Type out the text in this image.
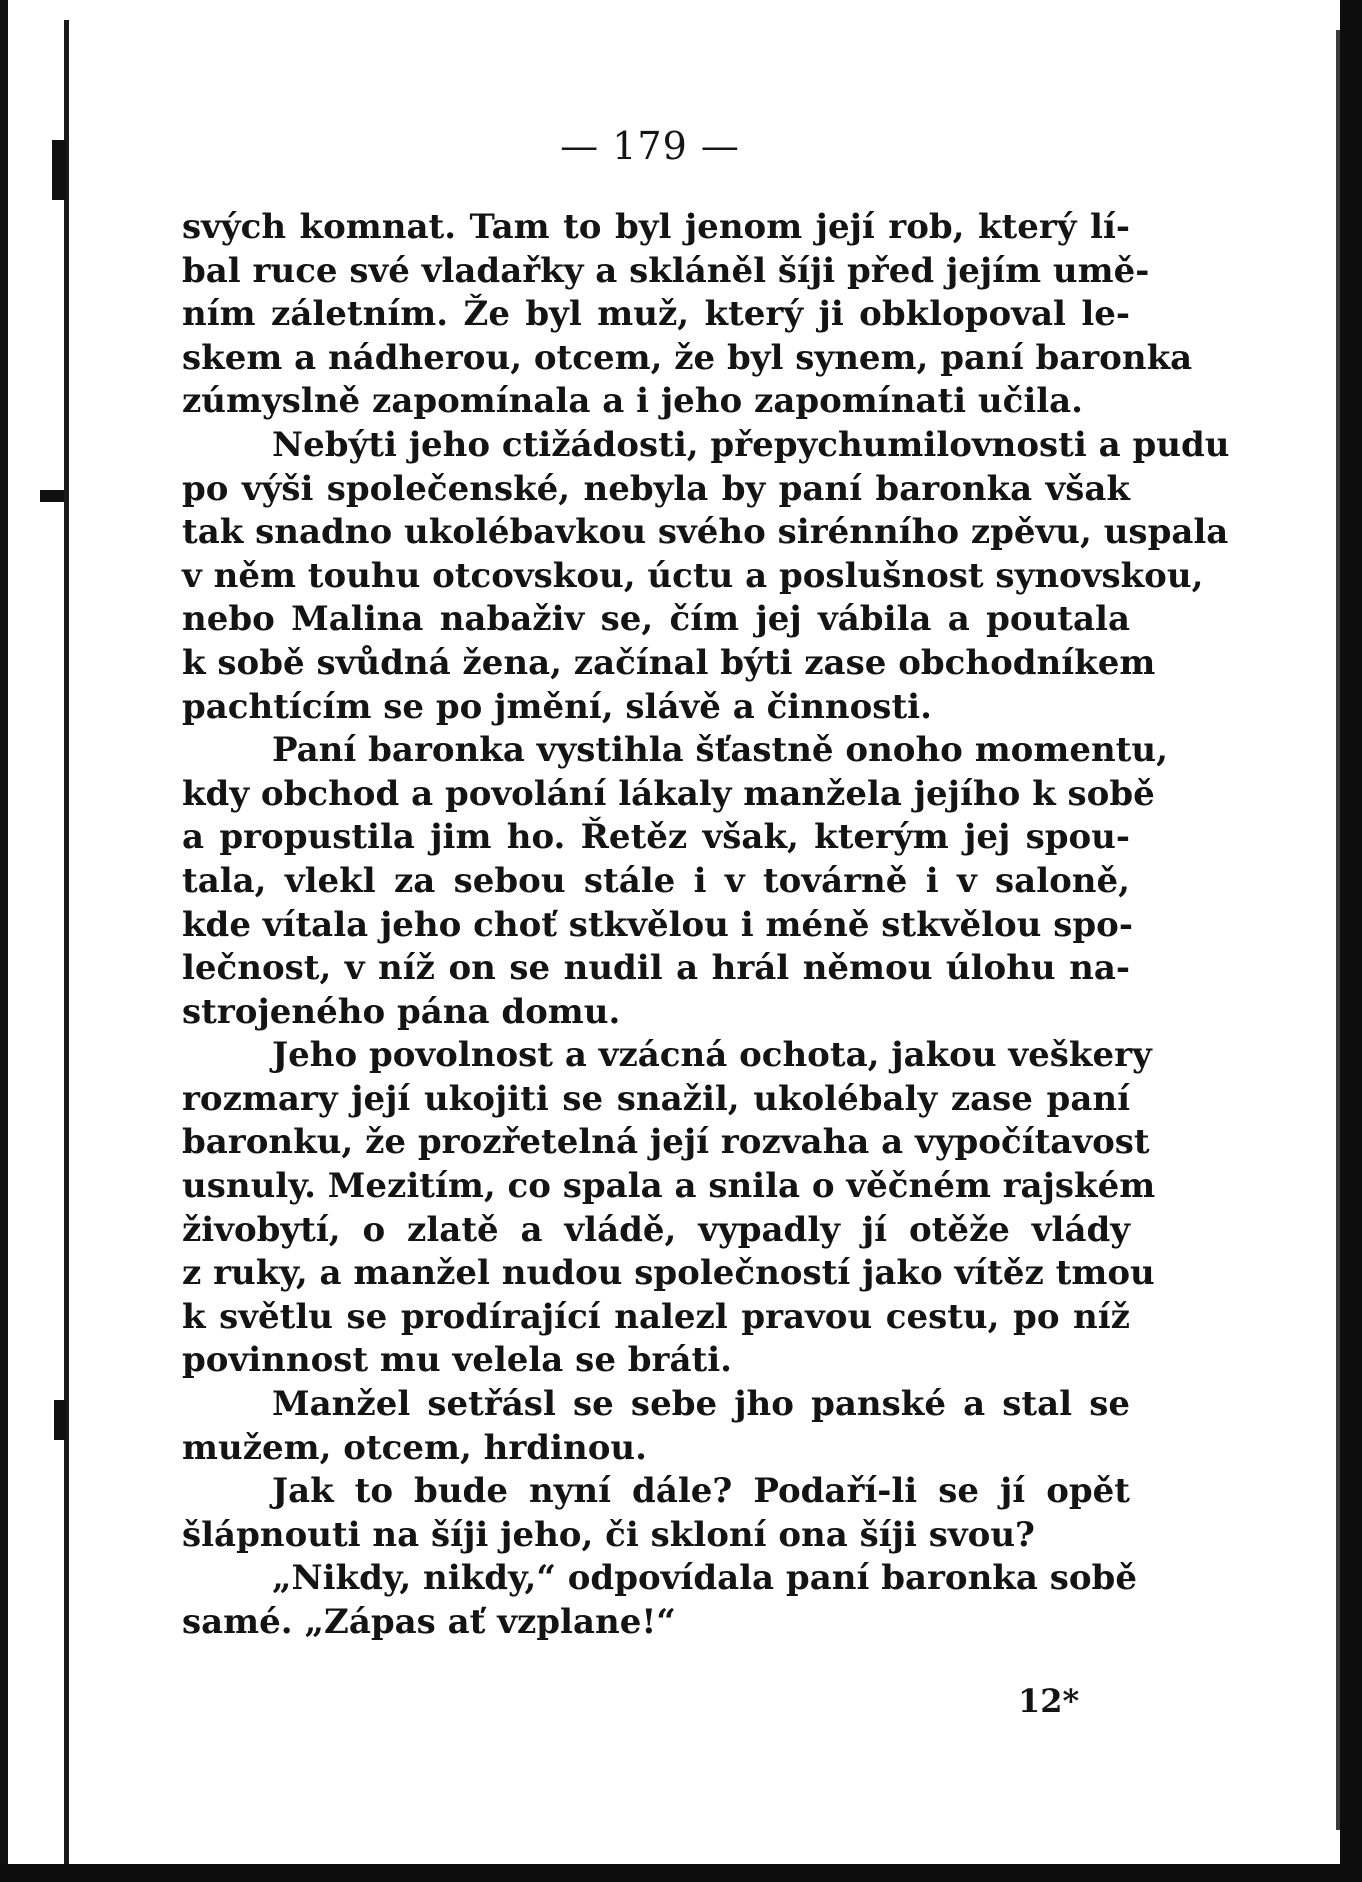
— 179 —
svých komnat. Tam to byl jenom její rob, který lí-
bal ruce své vladařky a skláněl šíji před jejím umě-
ním záletním. Že byl muž, který ji obklopoval le-
skem a nádherou, otcem, že byl synem, paní baronka
zúmyslně zapomínala a i jeho zapomínati učila.
Nebýti jeho ctižádosti, přepychumilovnosti a pudu
po výši společenské, nebyla by paní baronka však
tak snadno ukolébavkou svého sirénního zpěvu, uspala
v něm touhu otcovskou, úctu a poslušnost synovskou,
nebo Malina nabaživ se, čím jej vábila a poutala
k sobě svůdná žena, začínal býti zase obchodníkem
pachtícím se po jmění, slávě a činnosti.
Paní baronka vystihla šťastně onoho momentu,
kdy obchod a povolání lákaly manžela jejího k sobě
a propustila jim ho. Řetěz však, kterým jej spou-
tala, vlekl za sebou stále i v továrně i v saloně,
kde vítala jeho choť stkvělou i méně stkvělou spo-
lečnost, v níž on se nudil a hrál němou úlohu na-
strojeného pána domu.
Jeho povolnost a vzácná ochota, jakou veškery
rozmary její ukojiti se snažil, ukolébaly zase paní
baronku, že prozřetelná její rozvaha a vypočítavost
usnuly. Mezitím, co spala a snila o věčném rajském
živobytí, o zlatě a vládě, vypadly jí otěže vlády
z ruky, a manžel nudou společností jako vítěz tmou
k světlu se prodírající nalezl pravou cestu, po níž
povinnost mu velela se bráti.
Manžel setřásl se sebe jho panské a stal se
mužem, otcem, hrdinou.
Jak to bude nyní dále? Podaří-li se jí opět
šlápnouti na šíji jeho, či skloní ona šíji svou?
„Nikdy, nikdy,“ odpovídala paní baronka sobě
samé. „Zápas ať vzplane!“
12*
